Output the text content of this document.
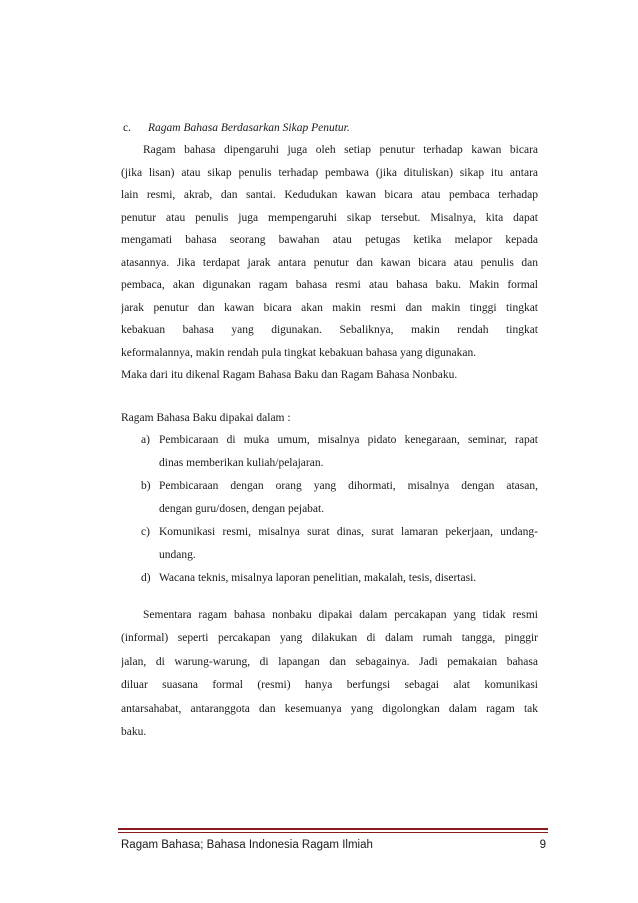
c. Ragam Bahasa Berdasarkan Sikap Penutur.

Ragam bahasa dipengaruhi juga oleh setiap penutur terhadap kawan bicara

(jika lisan) atau sikap penulis terhadap pembawa (jika dituliskan) sikap itu antara

lain resmi, akrab, dan santai. Kedudukan kawan bicara atau pembaca terhadap

penutur atau penulis juga mempengaruhi sikap tersebut. Misalnya, kita dapat

mengamati bahasa seorang bawahan atau petugas ketika melapor kepada

atasannya. Jika terdapat jarak antara penutur dan kawan bicara atau penulis dan

pembaca, akan digunakan ragam bahasa resmi atau bahasa baku. Makin formal

jarak penutur dan kawan bicara akan makin resmi dan makin tinggi tingkat

kebakuan bahasa yang digunakan. Sebaliknya, makin rendah tingkat

keformalannya, makin rendah pula tingkat kebakuan bahasa yang digunakan.

Maka dari itu dikenal Ragam Bahasa Baku dan Ragam Bahasa Nonbaku.

Ragam Bahasa Baku dipakai dalam :

a) Pembicaraan di muka umum, misalnya pidato kenegaraan, seminar, rapat

dinas memberikan kuliah/pelajaran.

b) Pembicaraan dengan orang yang dihormati, misalnya dengan atasan,

dengan guru/dosen, dengan pejabat.

c) Komunikasi resmi, misalnya surat dinas, surat lamaran pekerjaan, undang-

undang.

d) Wacana teknis, misalnya laporan penelitian, makalah, tesis, disertasi.

Sementara ragam bahasa nonbaku dipakai dalam percakapan yang tidak resmi

(informal) seperti percakapan yang dilakukan di dalam rumah tangga, pinggir

jalan, di warung-warung, di lapangan dan sebagainya. Jadi pemakaian bahasa

diluar suasana formal (resmi) hanya berfungsi sebagai alat komunikasi

antarsahabat, antaranggota dan kesemuanya yang digolongkan dalam ragam tak

baku.

Ragam Bahasa; Bahasa Indonesia Ragam Ilmiah	9
